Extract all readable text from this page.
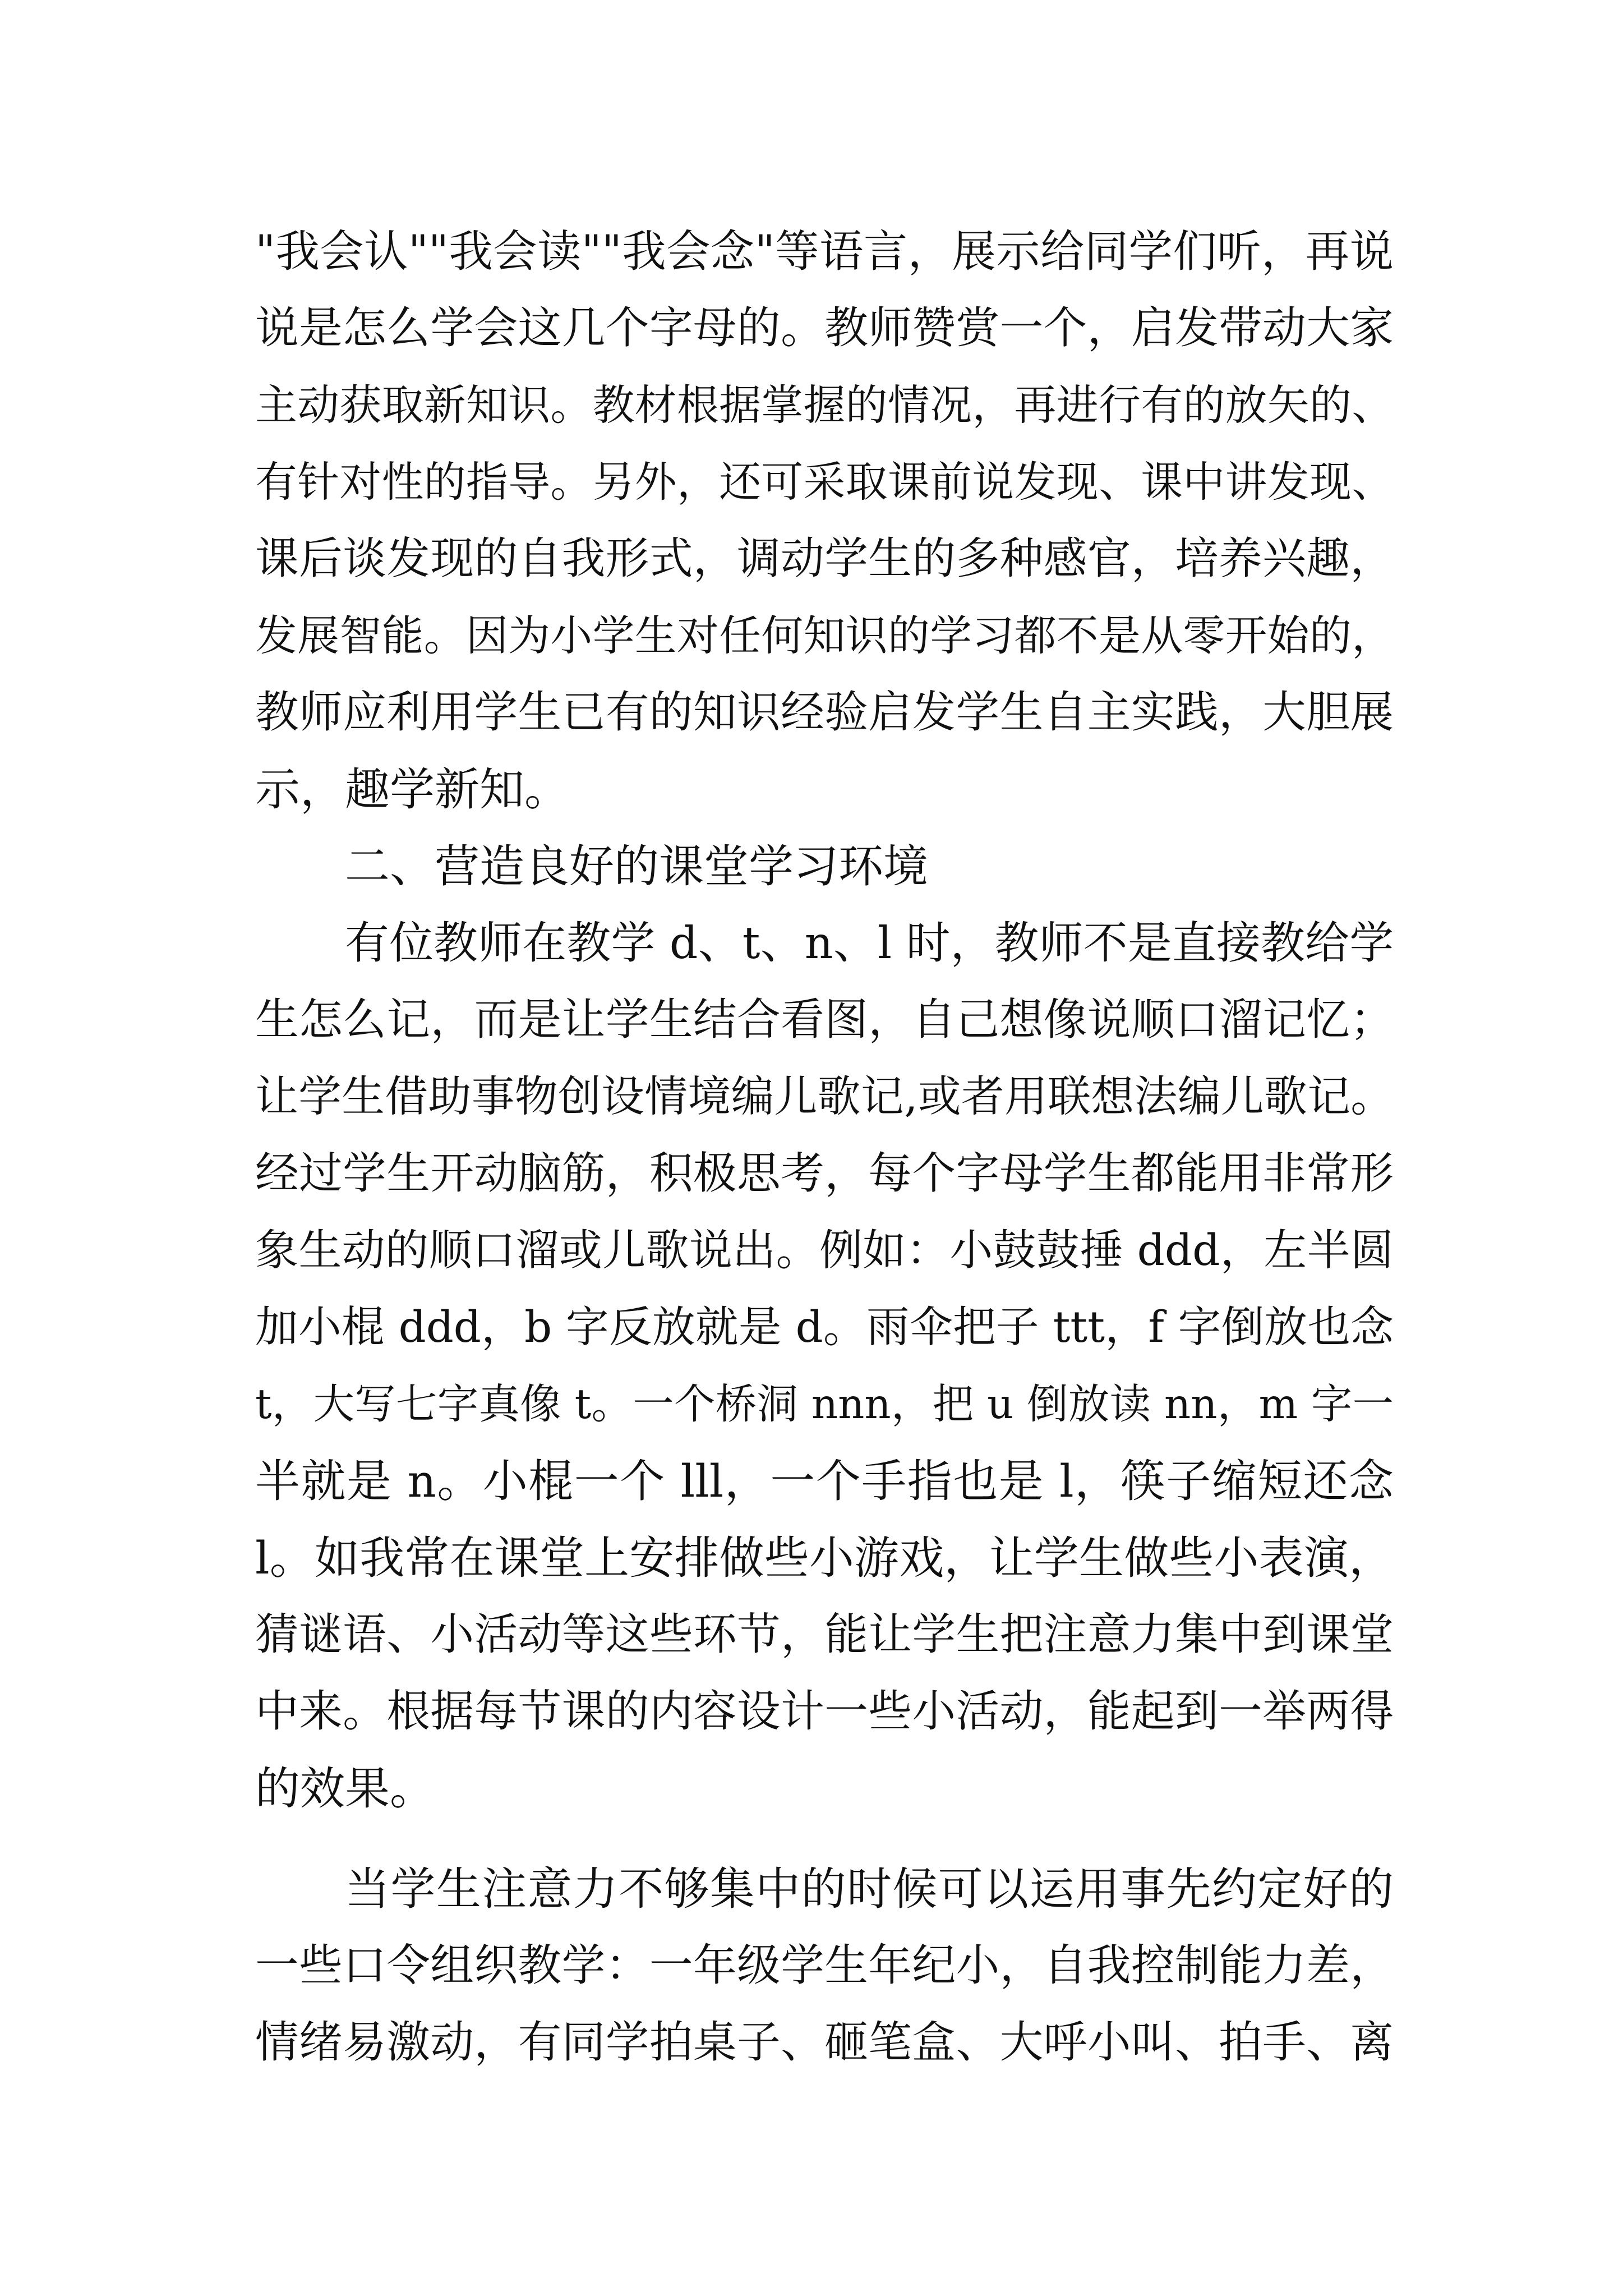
"我会认""我会读""我会念"等语言，展示给同学们听，再说
说是怎么学会这几个字母的。教师赞赏一个，启发带动大家
主动获取新知识。教材根据掌握的情况，再进行有的放矢的、
有针对性的指导。另外，还可采取课前说发现、课中讲发现、
课后谈发现的自我形式，调动学生的多种感官，培养兴趣，
发展智能。因为小学生对任何知识的学习都不是从零开始的，
教师应利用学生已有的知识经验启发学生自主实践，大胆展
示，趣学新知。
二、营造良好的课堂学习环境
有位教师在教学 d、t、n、l 时，教师不是直接教给学
生怎么记，而是让学生结合看图，自己想像说顺口溜记忆；
让学生借助事物创设情境编儿歌记,或者用联想法编儿歌记。
经过学生开动脑筋，积极思考，每个字母学生都能用非常形
象生动的顺口溜或儿歌说出。例如：小鼓鼓捶 ddd，左半圆
加小棍 ddd，b 字反放就是 d。雨伞把子 ttt，f 字倒放也念
t，大写七字真像 t。一个桥洞 nnn，把 u 倒放读 nn，m 字一
半就是 n。小棍一个 lll，一个手指也是 l，筷子缩短还念
l。如我常在课堂上安排做些小游戏，让学生做些小表演，
猜谜语、小活动等这些环节，能让学生把注意力集中到课堂
中来。根据每节课的内容设计一些小活动，能起到一举两得
的效果。
当学生注意力不够集中的时候可以运用事先约定好的
一些口令组织教学：一年级学生年纪小，自我控制能力差，
情绪易激动，有同学拍桌子、砸笔盒、大呼小叫、拍手、离
